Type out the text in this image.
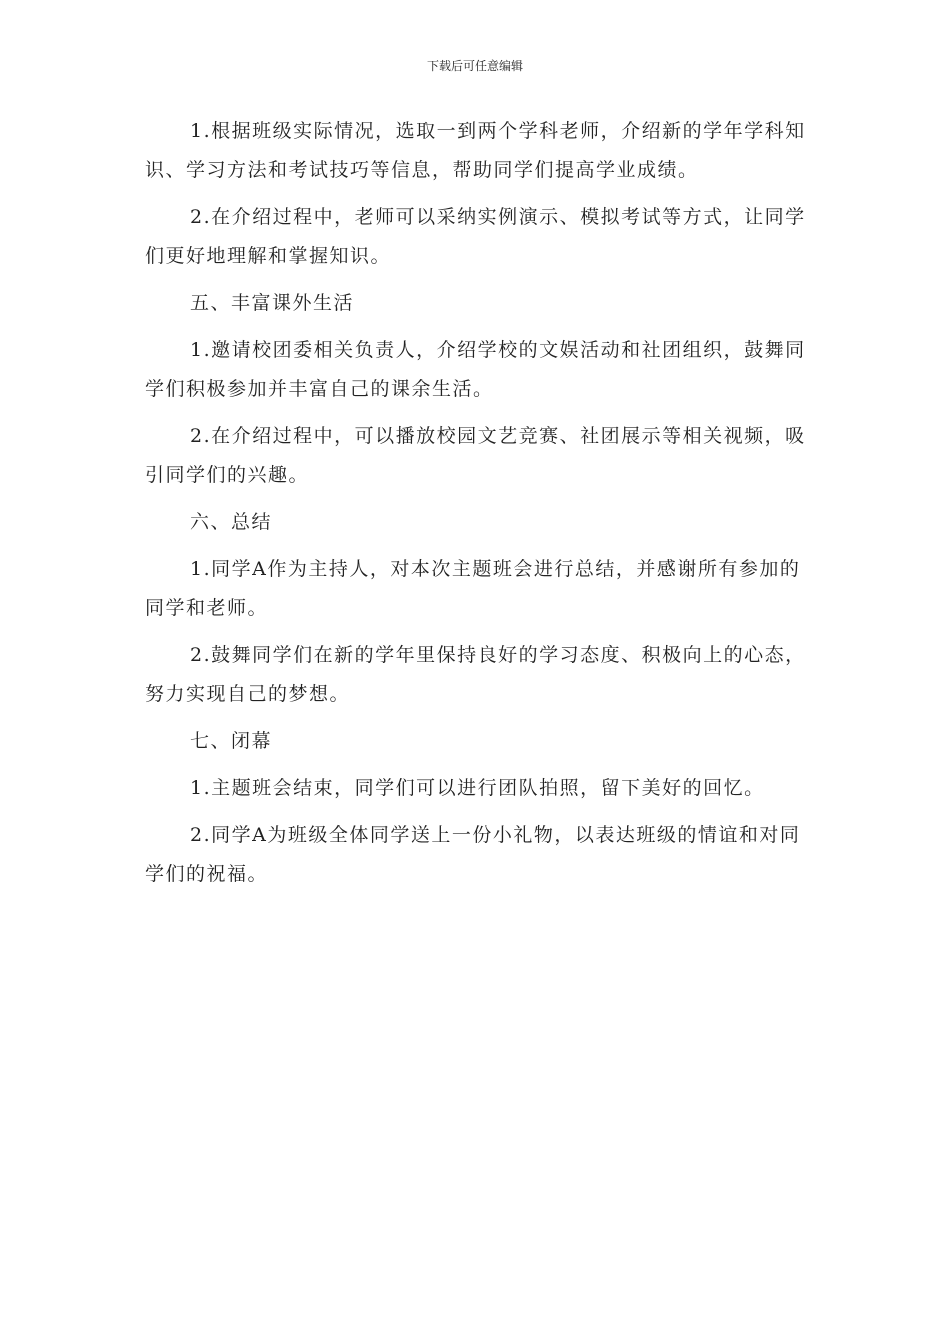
下载后可任意编辑

1.根据班级实际情况，选取一到两个学科老师，介绍新的学年学科知识、学习方法和考试技巧等信息，帮助同学们提高学业成绩。

2.在介绍过程中，老师可以采纳实例演示、模拟考试等方式，让同学们更好地理解和掌握知识。

五、丰富课外生活

1.邀请校团委相关负责人，介绍学校的文娱活动和社团组织，鼓舞同学们积极参加并丰富自己的课余生活。

2.在介绍过程中，可以播放校园文艺竞赛、社团展示等相关视频，吸引同学们的兴趣。

六、总结

1.同学A作为主持人，对本次主题班会进行总结，并感谢所有参加的同学和老师。

2.鼓舞同学们在新的学年里保持良好的学习态度、积极向上的心态，努力实现自己的梦想。

七、闭幕

1.主题班会结束，同学们可以进行团队拍照，留下美好的回忆。

2.同学A为班级全体同学送上一份小礼物，以表达班级的情谊和对同学们的祝福。
